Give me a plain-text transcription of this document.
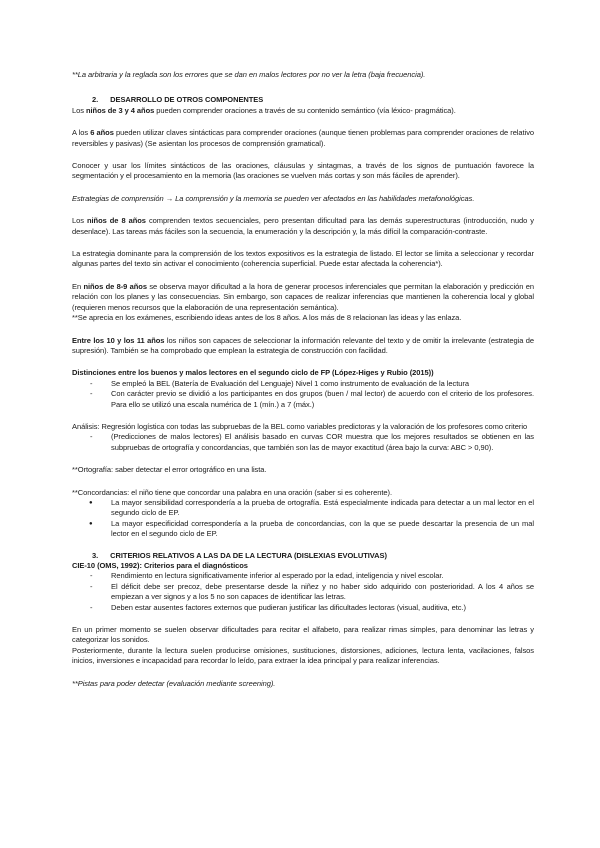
**La arbitraria y la reglada son los errores que se dan en malos lectores por no ver la letra (baja frecuencia).

2. DESARROLLO DE OTROS COMPONENTES

Los niños de 3 y 4 años pueden comprender oraciones a través de su contenido semántico (vía léxico- pragmática).

A los 6 años pueden utilizar claves sintácticas para comprender oraciones (aunque tienen problemas para comprender oraciones de relativo reversibles y pasivas) (Se asientan los procesos de comprensión gramatical).

Conocer y usar los límites sintácticos de las oraciones, cláusulas y sintagmas, a través de los signos de puntuación favorece la segmentación y el procesamiento en la memoria (las oraciones se vuelven más cortas y son más fáciles de aprender).

Estrategias de comprensión → La comprensión y la memoria se pueden ver afectados en las habilidades metafonológicas.

Los niños de 8 años comprenden textos secuenciales, pero presentan dificultad para las demás superestructuras (introducción, nudo y desenlace). Las tareas más fáciles son la secuencia, la enumeración y la descripción y, la más difícil la comparación-contraste.

La estrategia dominante para la comprensión de los textos expositivos es la estrategia de listado. El lector se limita a seleccionar y recordar algunas partes del texto sin activar el conocimiento (coherencia superficial. Puede estar afectada la coherencia*).

En niños de 8-9 años se observa mayor dificultad a la hora de generar procesos inferenciales que permitan la elaboración y predicción en relación con los planes y las consecuencias. Sin embargo, son capaces de realizar inferencias que mantienen la coherencia local y global (requieren menos recursos que la elaboración de una representación semántica).

**Se aprecia en los exámenes, escribiendo ideas antes de los 8 años. A los más de 8 relacionan las ideas y las enlaza.

Entre los 10 y los 11 años los niños son capaces de seleccionar la información relevante del texto y de omitir la irrelevante (estrategia de supresión). También se ha comprobado que emplean la estrategia de construcción con facilidad.

Distinciones entre los buenos y malos lectores en el segundo ciclo de FP (López-Higes y Rubio (2015))

- Se empleó la BEL (Batería de Evaluación del Lenguaje) Nivel 1 como instrumento de evaluación de la lectura
- Con carácter previo se dividió a los participantes en dos grupos (buen / mal lector) de acuerdo con el criterio de los profesores. Para ello se utilizó una escala numérica de 1 (mín.) a 7 (máx.)

Análisis: Regresión logística con todas las subpruebas de la BEL como variables predictoras y la valoración de los profesores como criterio

- (Predicciones de malos lectores) El análisis basado en curvas COR muestra que los mejores resultados se obtienen en las subpruebas de ortografía y concordancias, que también son las de mayor exactitud (área bajo la curva: ABC > 0,90).

**Ortografía: saber detectar el error ortográfico en una lista.

**Concordancias: el niño tiene que concordar una palabra en una oración (saber si es coherente).

● La mayor sensibilidad correspondería a la prueba de ortografía. Está especialmente indicada para detectar a un mal lector en el segundo ciclo de EP.
● La mayor especificidad correspondería a la prueba de concordancias, con la que se puede descartar la presencia de un mal lector en el segundo ciclo de EP.

3. CRITERIOS RELATIVOS A LAS DA DE LA LECTURA (DISLEXIAS EVOLUTIVAS)

CIE-10 (OMS, 1992): Criterios para el diagnósticos

- Rendimiento en lectura significativamente inferior al esperado por la edad, inteligencia y nivel escolar.
- El déficit debe ser precoz, debe presentarse desde la niñez y no haber sido adquirido con posterioridad. A los 4 años se empiezan a ver signos y a los 5 no son capaces de identificar las letras.
- Deben estar ausentes factores externos que pudieran justificar las dificultades lectoras (visual, auditiva, etc.)

En un primer momento se suelen observar dificultades para recitar el alfabeto, para realizar rimas simples, para denominar las letras y categorizar los sonidos.

Posteriormente, durante la lectura suelen producirse omisiones, sustituciones, distorsiones, adiciones, lectura lenta, vacilaciones, falsos inicios, inversiones e incapacidad para recordar lo leído, para extraer la idea principal y para realizar inferencias.

**Pistas para poder detectar (evaluación mediante screening).
